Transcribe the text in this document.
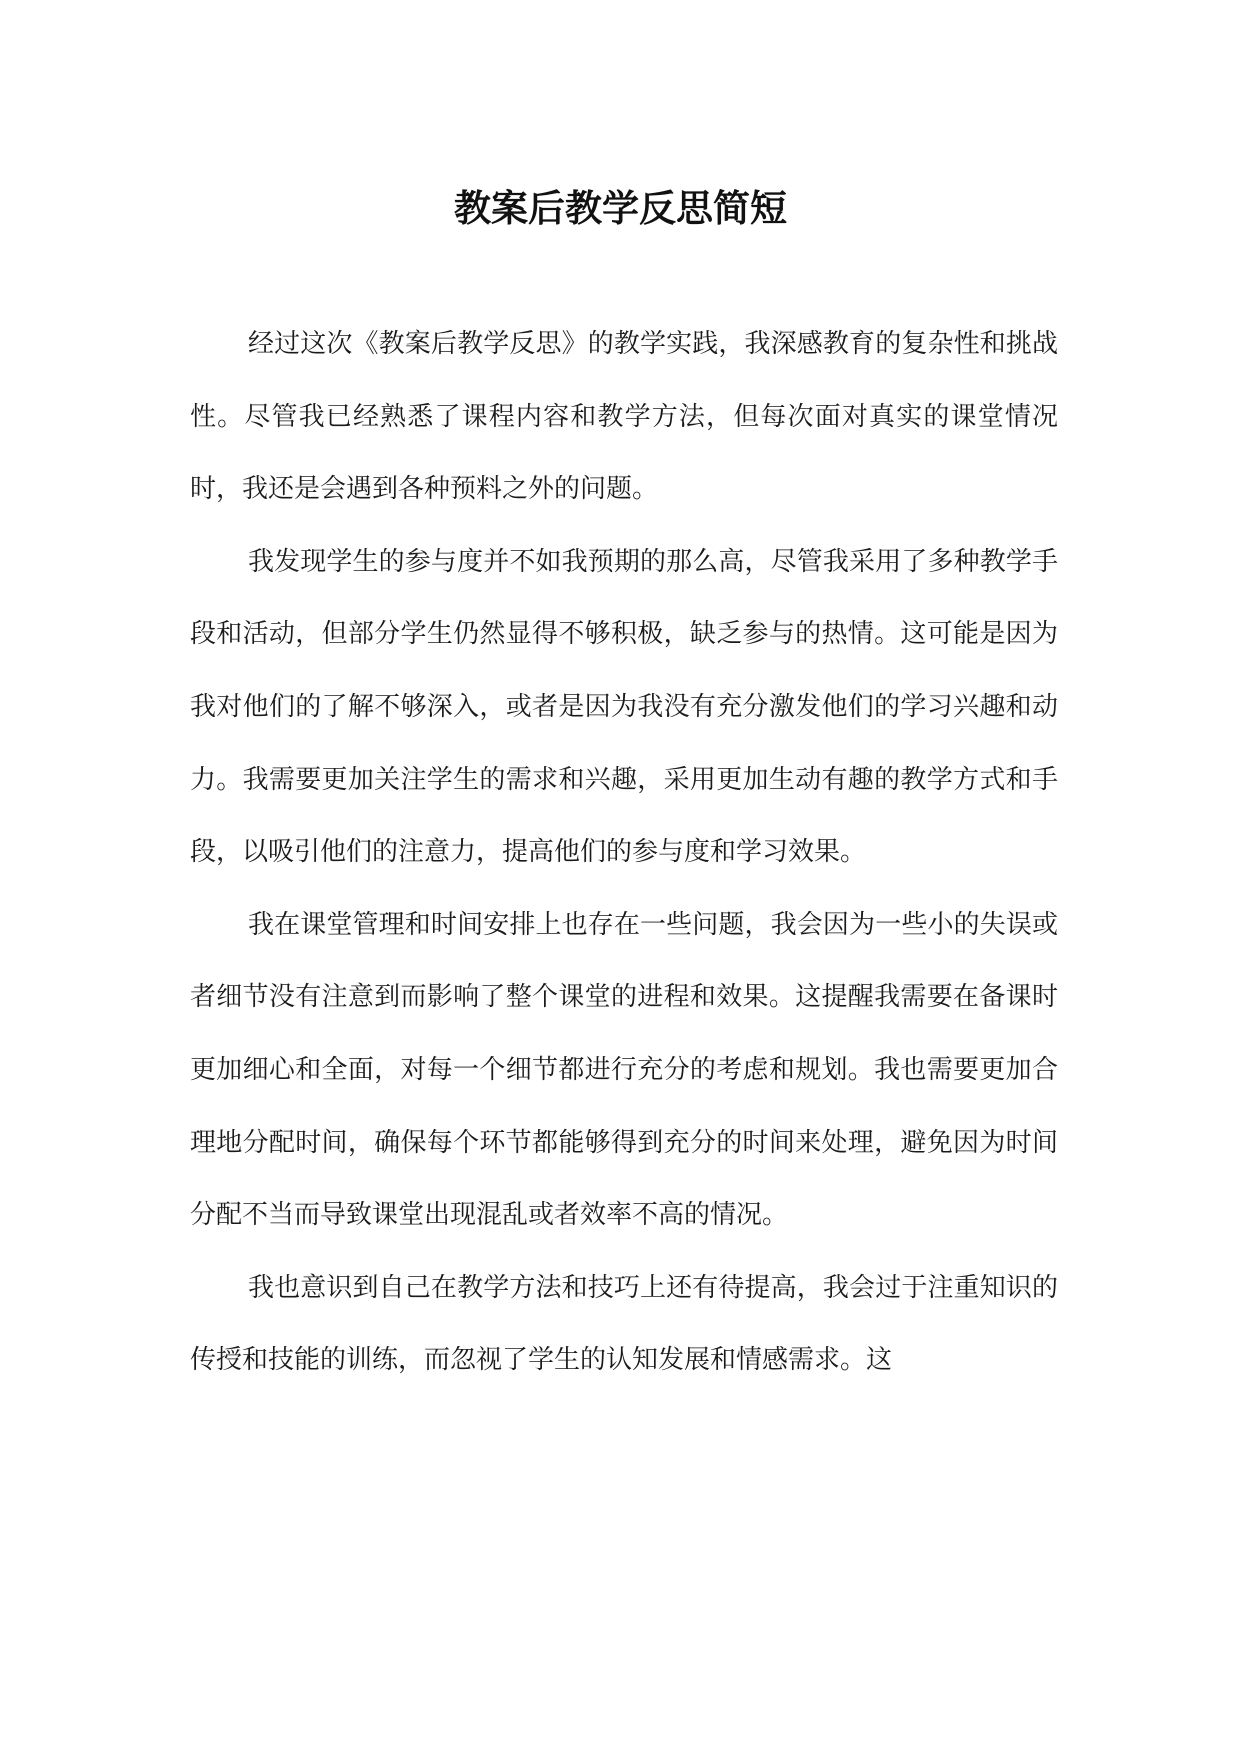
教案后教学反思简短

经过这次《教案后教学反思》的教学实践，我深感教育的复杂性和挑战性。尽管我已经熟悉了课程内容和教学方法，但每次面对真实的课堂情况时，我还是会遇到各种预料之外的问题。

我发现学生的参与度并不如我预期的那么高，尽管我采用了多种教学手段和活动，但部分学生仍然显得不够积极，缺乏参与的热情。这可能是因为我对他们的了解不够深入，或者是因为我没有充分激发他们的学习兴趣和动力。我需要更加关注学生的需求和兴趣，采用更加生动有趣的教学方式和手段，以吸引他们的注意力，提高他们的参与度和学习效果。

我在课堂管理和时间安排上也存在一些问题，我会因为一些小的失误或者细节没有注意到而影响了整个课堂的进程和效果。这提醒我需要在备课时更加细心和全面，对每一个细节都进行充分的考虑和规划。我也需要更加合理地分配时间，确保每个环节都能够得到充分的时间来处理，避免因为时间分配不当而导致课堂出现混乱或者效率不高的情况。

我也意识到自己在教学方法和技巧上还有待提高，我会过于注重知识的传授和技能的训练，而忽视了学生的认知发展和情感需求。这
